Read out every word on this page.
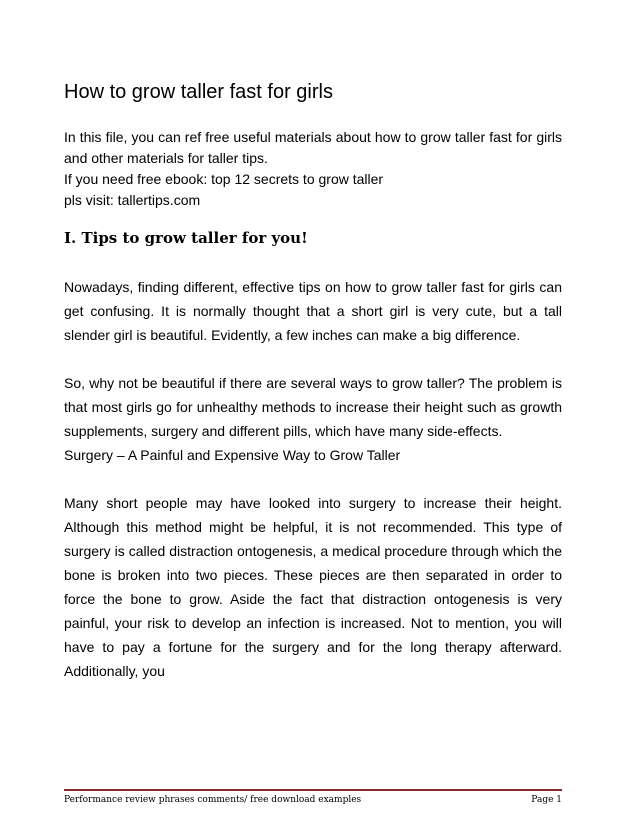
How to grow taller fast for girls

In this file, you can ref free useful materials about how to grow taller fast for girls and other materials for taller tips.

If you need free ebook: top 12 secrets to grow taller

pls visit: tallertips.com

I. Tips to grow taller for you!

Nowadays, finding different, effective tips on how to grow taller fast for girls can get confusing. It is normally thought that a short girl is very cute, but a tall slender girl is beautiful. Evidently, a few inches can make a big difference.

So, why not be beautiful if there are several ways to grow taller? The problem is that most girls go for unhealthy methods to increase their height such as growth supplements, surgery and different pills, which have many side-effects.

Surgery – A Painful and Expensive Way to Grow Taller

Many short people may have looked into surgery to increase their height. Although this method might be helpful, it is not recommended. This type of surgery is called distraction ontogenesis, a medical procedure through which the bone is broken into two pieces. These pieces are then separated in order to force the bone to grow. Aside the fact that distraction ontogenesis is very painful, your risk to develop an infection is increased. Not to mention, you will have to pay a fortune for the surgery and for the long therapy afterward. Additionally, you

Performance review phrases comments/ free download examples	Page 1
